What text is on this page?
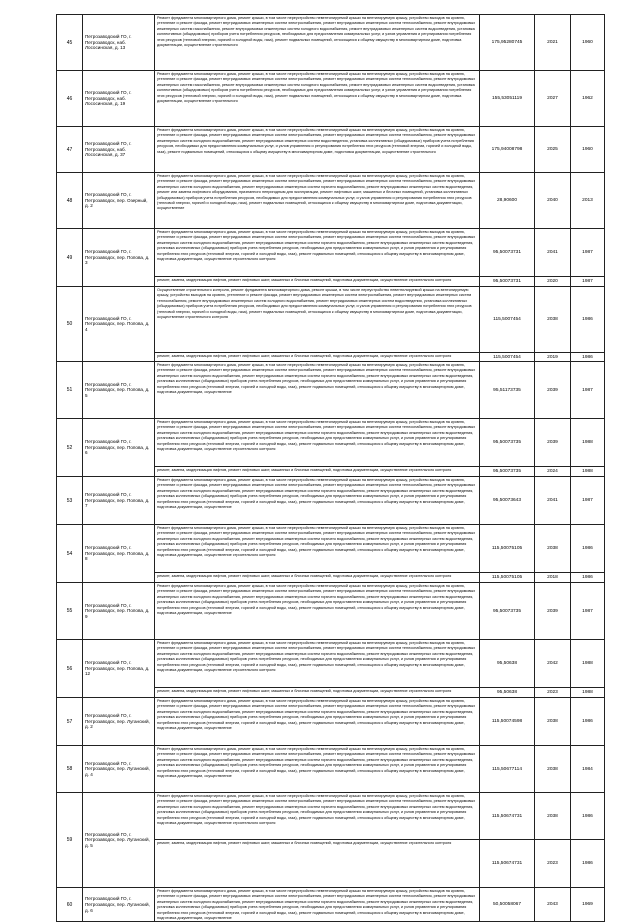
45	Петрозаводский ГО, г. Петрозаводск, наб. Лососинская, д. 13	Ремонт фундамента многоквартирного дома, ремонт крыши, в том числе переустройство невентилируемой крыши на вентилируемую крышу, устройство выходов на кровлю, утепление и ремонт фасада, ремонт внутридомовых инженерных систем электроснабжения, ремонт внутридомовых инженерных систем теплоснабжения, ремонт внутридомовых инженерных систем газоснабжения, ремонт внутридомовых инженерных систем холодного водоснабжения, ремонт внутридомовых инженерных систем водоотведения, установка коллективных (общедомовых) приборов учета потребления ресурсов, необходимых для предоставления коммунальных услуг, и узлов управления и регулирования потребления этих ресурсов (тепловой энергии, горячей и холодной воды, газа), ремонт подвальных помещений, относящихся к общему имуществу в многоквартирном доме, подготовка документации, осуществление строительного	175,95280745	2021	1960
46	Петрозаводский ГО, г. Петрозаводск, наб. Лососинская, д. 19	Ремонт фундамента многоквартирного дома, ремонт крыши, в том числе переустройство невентилируемой крыши на вентилируемую крышу, устройство выходов на кровлю, утепление и ремонт фасада, ремонт внутридомовых инженерных систем электроснабжения, ремонт внутридомовых инженерных систем теплоснабжения, ремонт внутридомовых инженерных систем газоснабжения, ремонт внутридомовых инженерных систем холодного водоснабжения, ремонт внутридомовых инженерных систем водоотведения, установка коллективных (общедомовых) приборов учета потребления ресурсов, необходимых для предоставления коммунальных услуг, и узлов управления и регулирования потребления этих ресурсов (тепловой энергии, горячей и холодной воды, газа), ремонт подвальных помещений, относящихся к общему имуществу в многоквартирном доме, подготовка документации, осуществление строительного	155,53051119	2027	1962
47	Петрозаводский ГО, г. Петрозаводск, наб. Лососинская, д. 37	Ремонт фундамента многоквартирного дома, ремонт крыши, в том числе переустройство невентилируемой крыши на вентилируемую крышу, устройство выходов на кровлю, утепление и ремонт фасада, ремонт внутридомовых инженерных систем электроснабжения, ремонт внутридомовых инженерных систем теплоснабжения, ремонт внутридомовых инженерных систем холодного водоснабжения, ремонт внутридомовых инженерных систем водоотведения, установка коллективных (общедомовых) приборов учета потребления ресурсов, необходимых для предоставления коммунальных услуг, и узлов управления и регулирования потребления этих ресурсов (тепловой энергии, горячей и холодной воды, газа), ремонт подвальных помещений, относящихся к общему имуществу в многоквартирном доме, подготовка документации, осуществление строительного	175,94008798	2025	1960
48	Петрозаводский ГО, г. Петрозаводск, пер. Озерный, д. 2	Ремонт фундамента многоквартирного дома, ремонт крыши, в том числе переустройство невентилируемой крыши на вентилируемую крышу, устройство выходов на кровлю, утепление и ремонт фасада, ремонт внутридомовых инженерных систем электроснабжения, ремонт внутридомовых инженерных систем теплоснабжения, ремонт внутридомовых инженерных систем холодного водоснабжения, ремонт внутридомовых инженерных систем горячего водоснабжения, ремонт внутридомовых инженерных систем водоотведения, ремонт или замена лифтового оборудования, признанного непригодным для эксплуатации, ремонт лифтовых шахт, машинных и блочных помещений, установка коллективных (общедомовых) приборов учета потребления ресурсов, необходимых для предоставления коммунальных услуг, и узлов управления и регулирования потребления этих ресурсов (тепловой энергии, горячей и холодной воды, газа), ремонт подвальных помещений, относящихся к общему имуществу в многоквартирном доме, подготовка документации, осуществление	28,90600	2040	2013
49	Петрозаводский ГО, г. Петрозаводск, пер. Попова, д. 3	Ремонт фундамента многоквартирного дома, ремонт крыши, в том числе переустройство невентилируемой крыши на вентилируемую крышу, устройство выходов на кровлю, утепление и ремонт фасада, ремонт внутридомовых инженерных систем электроснабжения, ремонт внутридомовых инженерных систем теплоснабжения, ремонт внутридомовых инженерных систем холодного водоснабжения, ремонт внутридомовых инженерных систем горячего водоснабжения, ремонт внутридомовых инженерных систем водоотведения, установка коллективных (общедомовых) приборов учета потребления ресурсов, необходимых для предоставления коммунальных услуг, и узлов управления и регулирования потребления этих ресурсов (тепловой энергии, горячей и холодной воды, газа), ремонт подвальных помещений, относящихся к общему имуществу в многоквартирном доме, подготовка документации, осуществление строительного контроля	95,50073731	2041	1987
		ремонт, замена, модернизация лифтов, ремонт лифтовых шахт, машинных и блочных помещений, подготовка документации, осуществление строительного контроля	95,50073731	2020	1987
50	Петрозаводский ГО, г. Петрозаводск, пер. Попова, д. 4	Осуществление строительного контроля, ремонт фундамента многоквартирного дома, ремонт крыши, в том числе переустройство невентилируемой крыши на вентилируемую крышу, устройство выходов на кровлю, утепление и ремонт фасада, ремонт внутридомовых инженерных систем электроснабжения, ремонт внутридомовых инженерных систем теплоснабжения, ремонт внутридомовых инженерных систем холодного водоснабжения, ремонт внутридомовых инженерных систем водоотведения, установка коллективных (общедомовых) приборов учета потребления ресурсов, необходимых для предоставления коммунальных услуг, и узлов управления и регулирования потребления этих ресурсов (тепловой энергии, горячей и холодной воды, газа), ремонт подвальных помещений, относящихся к общему имуществу в многоквартирном доме, подготовка документации, осуществление строительного контроля	115,5007454	2038	1986
		ремонт, замена, модернизация лифтов, ремонт лифтовых шахт, машинных и блочных помещений, подготовка документации, осуществление строительного контроля	115,5007454	2019	1986
51	Петрозаводский ГО, г. Петрозаводск, пер. Попова, д. 5	Ремонт фундамента многоквартирного дома, ремонт крыши, в том числе переустройство невентилируемой крыши на вентилируемую крышу, устройство выходов на кровлю, утепление и ремонт фасада, ремонт внутридомовых инженерных систем электроснабжения, ремонт внутридомовых инженерных систем теплоснабжения, ремонт внутридомовых инженерных систем холодного водоснабжения, ремонт внутридомовых инженерных систем горячего водоснабжения, ремонт внутридомовых инженерных систем водоотведения, установка коллективных (общедомовых) приборов учета потребления ресурсов, необходимых для предоставления коммунальных услуг, и узлов управления и регулирования потребления этих ресурсов (тепловой энергии, горячей и холодной воды, газа), ремонт подвальных помещений, относящихся к общему имуществу в многоквартирном доме, подготовка документации, осуществление	95,51173735	2039	1987
52	Петрозаводский ГО, г. Петрозаводск, пер. Попова, д. 6	Ремонт фундамента многоквартирного дома, ремонт крыши, в том числе переустройство невентилируемой крыши на вентилируемую крышу, устройство выходов на кровлю, утепление и ремонт фасада, ремонт внутридомовых инженерных систем электроснабжения, ремонт внутридомовых инженерных систем теплоснабжения, ремонт внутридомовых инженерных систем холодного водоснабжения, ремонт внутридомовых инженерных систем горячего водоснабжения, ремонт внутридомовых инженерных систем водоотведения, установка коллективных (общедомовых) приборов учета потребления ресурсов, необходимых для предоставления коммунальных услуг, и узлов управления и регулирования потребления этих ресурсов (тепловой энергии, горячей и холодной воды, газа), ремонт подвальных помещений, относящихся к общему имуществу в многоквартирном доме, подготовка документации, осуществление строительного контроля	95,50073735	2039	1988
		ремонт, замена, модернизация лифтов, ремонт лифтовых шахт, машинных и блочных помещений, подготовка документации, осуществление строительного контроля	95,50073735	2024	1988
53	Петрозаводский ГО, г. Петрозаводск, пер. Попова, д. 7	Ремонт фундамента многоквартирного дома, ремонт крыши, в том числе переустройство невентилируемой крыши на вентилируемую крышу, устройство выходов на кровлю, утепление и ремонт фасада, ремонт внутридомовых инженерных систем электроснабжения, ремонт внутридомовых инженерных систем теплоснабжения, ремонт внутридомовых инженерных систем холодного водоснабжения, ремонт внутридомовых инженерных систем горячего водоснабжения, ремонт внутридомовых инженерных систем водоотведения, установка коллективных (общедомовых) приборов учета потребления ресурсов, необходимых для предоставления коммунальных услуг, и узлов управления и регулирования потребления этих ресурсов (тепловой энергии, горячей и холодной воды, газа), ремонт подвальных помещений, относящихся к общему имуществу в многоквартирном доме, подготовка документации, осуществление	95,50073643	2041	1987
54	Петрозаводский ГО, г. Петрозаводск, пер. Попова, д. 8	Ремонт фундамента многоквартирного дома, ремонт крыши, в том числе переустройство невентилируемой крыши на вентилируемую крышу, устройство выходов на кровлю, утепление и ремонт фасада, ремонт внутридомовых инженерных систем электроснабжения, ремонт внутридомовых инженерных систем теплоснабжения, ремонт внутридомовых инженерных систем холодного водоснабжения, ремонт внутридомовых инженерных систем горячего водоснабжения, ремонт внутридомовых инженерных систем водоотведения, установка коллективных (общедомовых) приборов учета потребления ресурсов, необходимых для предоставления коммунальных услуг, и узлов управления и регулирования потребления этих ресурсов (тепловой энергии, горячей и холодной воды, газа), ремонт подвальных помещений, относящихся к общему имуществу в многоквартирном доме, подготовка документации, осуществление строительного контроля	115,50075105	2038	1986
		ремонт, замена, модернизация лифтов, ремонт лифтовых шахт, машинных и блочных помещений, подготовка документации, осуществление строительного контроля	115,50075105	2018	1986
55	Петрозаводский ГО, г. Петрозаводск, пер. Попова, д. 9	Ремонт фундамента многоквартирного дома, ремонт крыши, в том числе переустройство невентилируемой крыши на вентилируемую крышу, устройство выходов на кровлю, утепление и ремонт фасада, ремонт внутридомовых инженерных систем электроснабжения, ремонт внутридомовых инженерных систем теплоснабжения, ремонт внутридомовых инженерных систем холодного водоснабжения, ремонт внутридомовых инженерных систем горячего водоснабжения, ремонт внутридомовых инженерных систем водоотведения, установка коллективных (общедомовых) приборов учета потребления ресурсов, необходимых для предоставления коммунальных услуг, и узлов управления и регулирования потребления этих ресурсов (тепловой энергии, горячей и холодной воды, газа), ремонт подвальных помещений, относящихся к общему имуществу в многоквартирном доме, подготовка документации, осуществление	95,50073735	2039	1987
56	Петрозаводский ГО, г. Петрозаводск, пер. Попова, д. 12	Ремонт фундамента многоквартирного дома, ремонт крыши, в том числе переустройство невентилируемой крыши на вентилируемую крышу, устройство выходов на кровлю, утепление и ремонт фасада, ремонт внутридомовых инженерных систем электроснабжения, ремонт внутридомовых инженерных систем теплоснабжения, ремонт внутридомовых инженерных систем холодного водоснабжения, ремонт внутридомовых инженерных систем горячего водоснабжения, ремонт внутридомовых инженерных систем водоотведения, установка коллективных (общедомовых) приборов учета потребления ресурсов, необходимых для предоставления коммунальных услуг, и узлов управления и регулирования потребления этих ресурсов (тепловой энергии, горячей и холодной воды, газа), ремонт подвальных помещений, относящихся к общему имуществу в многоквартирном доме, подготовка документации, осуществление строительного контроля	95,50638	2042	1988
		ремонт, замена, модернизация лифтов, ремонт лифтовых шахт, машинных и блочных помещений, подготовка документации, осуществление строительного контроля	95,50638	2023	1988
57	Петрозаводский ГО, г. Петрозаводск, пер. Луганский, д. 2	Ремонт фундамента многоквартирного дома, ремонт крыши, в том числе переустройство невентилируемой крыши на вентилируемую крышу, устройство выходов на кровлю, утепление и ремонт фасада, ремонт внутридомовых инженерных систем электроснабжения, ремонт внутридомовых инженерных систем теплоснабжения, ремонт внутридомовых инженерных систем холодного водоснабжения, ремонт внутридомовых инженерных систем горячего водоснабжения, ремонт внутридомовых инженерных систем водоотведения, установка коллективных (общедомовых) приборов учета потребления ресурсов, необходимых для предоставления коммунальных услуг, и узлов управления и регулирования потребления этих ресурсов (тепловой энергии, горячей и холодной воды, газа), ремонт подвальных помещений, относящихся к общему имуществу в многоквартирном доме, подготовка документации, осуществление	115,50074598	2038	1986
58	Петрозаводский ГО, г. Петрозаводск, пер. Луганский, д. 4	Ремонт фундамента многоквартирного дома, ремонт крыши, в том числе переустройство невентилируемой крыши на вентилируемую крышу, устройство выходов на кровлю, утепление и ремонт фасада, ремонт внутридомовых инженерных систем электроснабжения, ремонт внутридомовых инженерных систем теплоснабжения, ремонт внутридомовых инженерных систем холодного водоснабжения, ремонт внутридомовых инженерных систем горячего водоснабжения, ремонт внутридомовых инженерных систем водоотведения, установка коллективных (общедомовых) приборов учета потребления ресурсов, необходимых для предоставления коммунальных услуг, и узлов управления и регулирования потребления этих ресурсов (тепловой энергии, горячей и холодной воды, газа), ремонт подвальных помещений, относящихся к общему имуществу в многоквартирном доме, подготовка документации, осуществление	115,50677114	2038	1984
59	Петрозаводский ГО, г. Петрозаводск, пер. Луганский, д. 5	Ремонт фундамента многоквартирного дома, ремонт крыши, в том числе переустройство невентилируемой крыши на вентилируемую крышу, устройство выходов на кровлю, утепление и ремонт фасада, ремонт внутридомовых инженерных систем электроснабжения, ремонт внутридомовых инженерных систем теплоснабжения, ремонт внутридомовых инженерных систем холодного водоснабжения, ремонт внутридомовых инженерных систем горячего водоснабжения, ремонт внутридомовых инженерных систем водоотведения, установка коллективных (общедомовых) приборов учета потребления ресурсов, необходимых для предоставления коммунальных услуг, и узлов управления и регулирования потребления этих ресурсов (тепловой энергии, горячей и холодной воды, газа), ремонт подвальных помещений, относящихся к общему имуществу в многоквартирном доме, подготовка документации, осуществление строительного контроля	115,50674731	2038	1986
		ремонт, замена, модернизация лифтов, ремонт лифтовых шахт, машинных и блочных помещений, подготовка документации, осуществление строительного контроля	115,50674731	2023	1986
60	Петрозаводский ГО, г. Петрозаводск, пер. Луганский, д. 6	Ремонт фундамента многоквартирного дома, ремонт крыши, в том числе переустройство невентилируемой крыши на вентилируемую крышу, устройство выходов на кровлю, утепление и ремонт фасада, ремонт внутридомовых инженерных систем электроснабжения, ремонт внутридомовых инженерных систем теплоснабжения, ремонт внутридомовых инженерных систем холодного водоснабжения, ремонт внутридомовых инженерных систем горячего водоснабжения, ремонт внутридомовых инженерных систем водоотведения, установка коллективных (общедомовых) приборов учета потребления ресурсов, необходимых для предоставления коммунальных услуг, и узлов управления и регулирования потребления этих ресурсов (тепловой энергии, горячей и холодной воды, газа), ремонт подвальных помещений, относящихся к общему имуществу в многоквартирном доме, подготовка документации, осуществление	50,50058067	2043	1969
